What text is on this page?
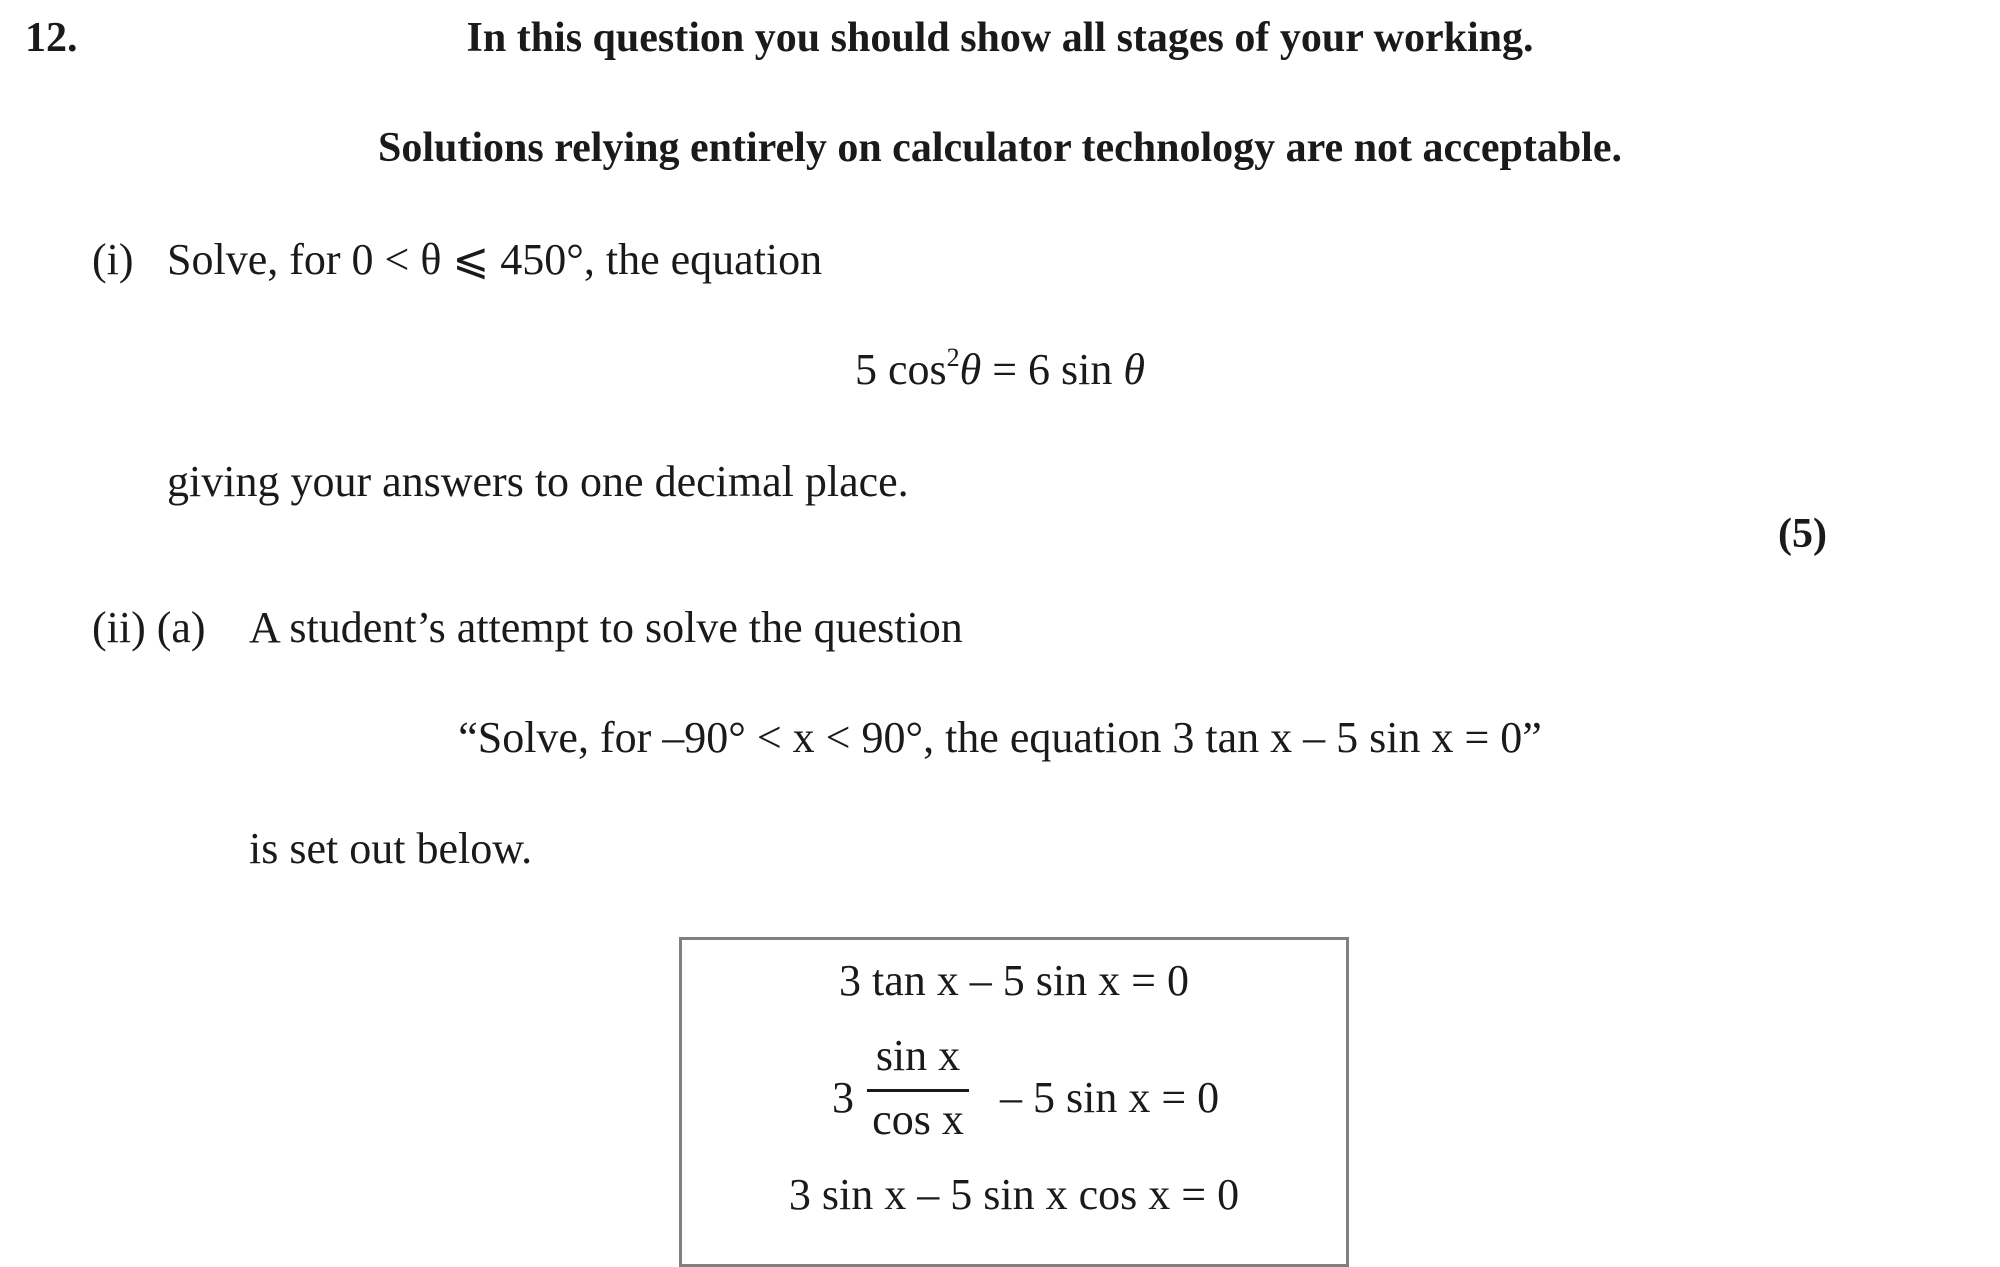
12.	In this question you should show all stages of your working.
Solutions relying entirely on calculator technology are not acceptable.
(i) Solve, for 0 < θ ⩽ 450°, the equation
5 $\cos^2\theta = 6$ sin θ
giving your answers to one decimal place.
(5)
(ii) (a) A student’s attempt to solve the question
“Solve, for –90° < x < 90°, the equation 3 tan x – 5 sin x = 0”
is set out below.
3 tan x – 5 sin x = 0
3
sin x
cos x – 5 sin x = 0
3 sin x – 5 sin x cos x = 0
